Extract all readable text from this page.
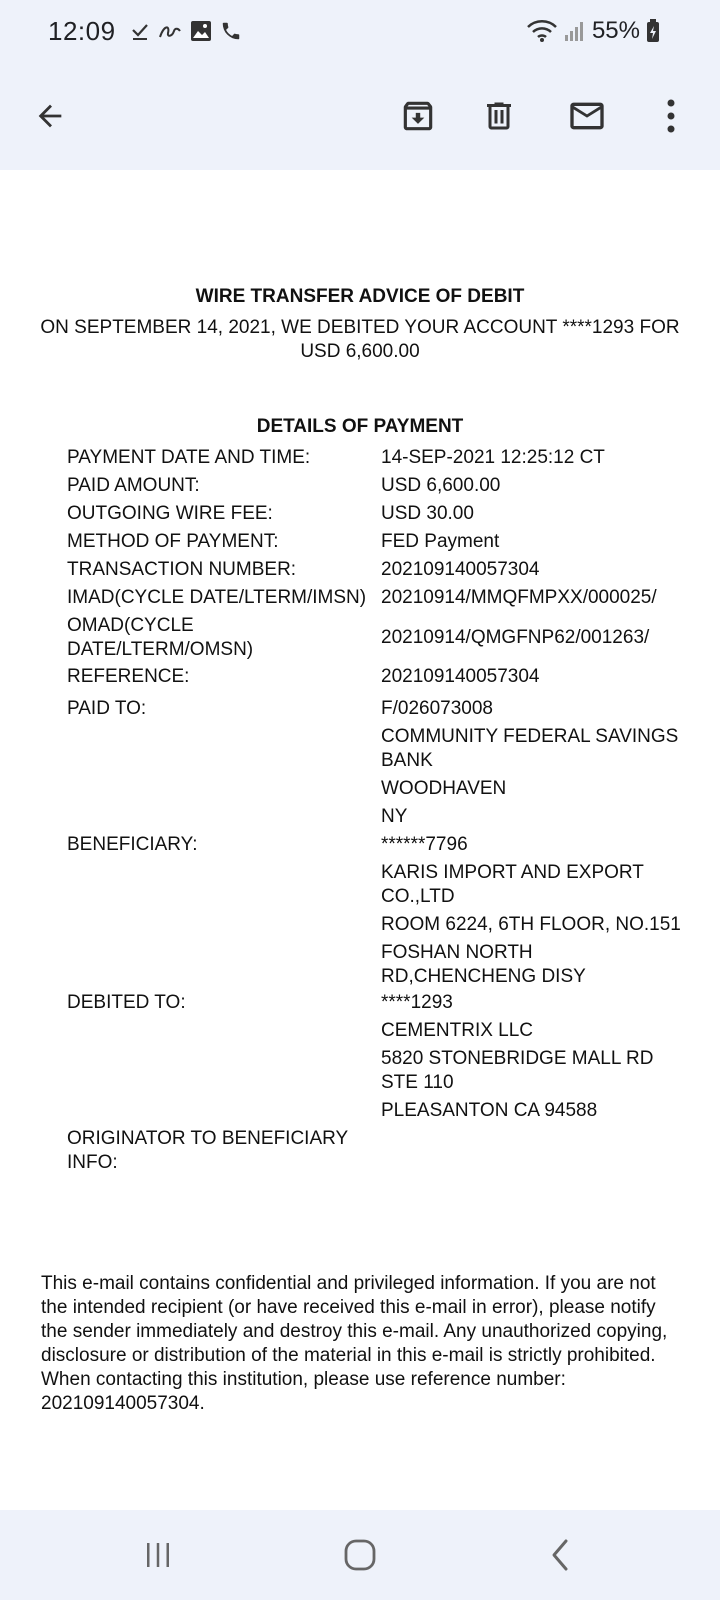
12:09	55%
WIRE TRANSFER ADVICE OF DEBIT
ON SEPTEMBER 14, 2021, WE DEBITED YOUR ACCOUNT ****1293 FOR USD 6,600.00
DETAILS OF PAYMENT
PAYMENT DATE AND TIME:	14-SEP-2021 12:25:12 CT
PAID AMOUNT:	USD 6,600.00
OUTGOING WIRE FEE:	USD 30.00
METHOD OF PAYMENT:	FED Payment
TRANSACTION NUMBER:	202109140057304
IMAD(CYCLE DATE/LTERM/IMSN) 20210914/MMQFMPXX/000025/
OMAD(CYCLE DATE/LTERM/OMSN)
20210914/QMGFNP62/001263/
REFERENCE:	202109140057304
PAID TO:	F/026073008
COMMUNITY FEDERAL SAVINGS BANK
WOODHAVEN
NY
BENEFICIARY:	******7796
KARIS IMPORT AND EXPORT CO.,LTD
ROOM 6224, 6TH FLOOR, NO.151
FOSHAN NORTH RD,CHENCHENG DISY
DEBITED TO:	****1293
CEMENTRIX LLC
5820 STONEBRIDGE MALL RD STE 110
PLEASANTON CA 94588
ORIGINATOR TO BENEFICIARY INFO:
This e-mail contains confidential and privileged information. If you are not the intended recipient (or have received this e-mail in error), please notify the sender immediately and destroy this e-mail. Any unauthorized copying, disclosure or distribution of the material in this e-mail is strictly prohibited. When contacting this institution, please use reference number: 202109140057304.
